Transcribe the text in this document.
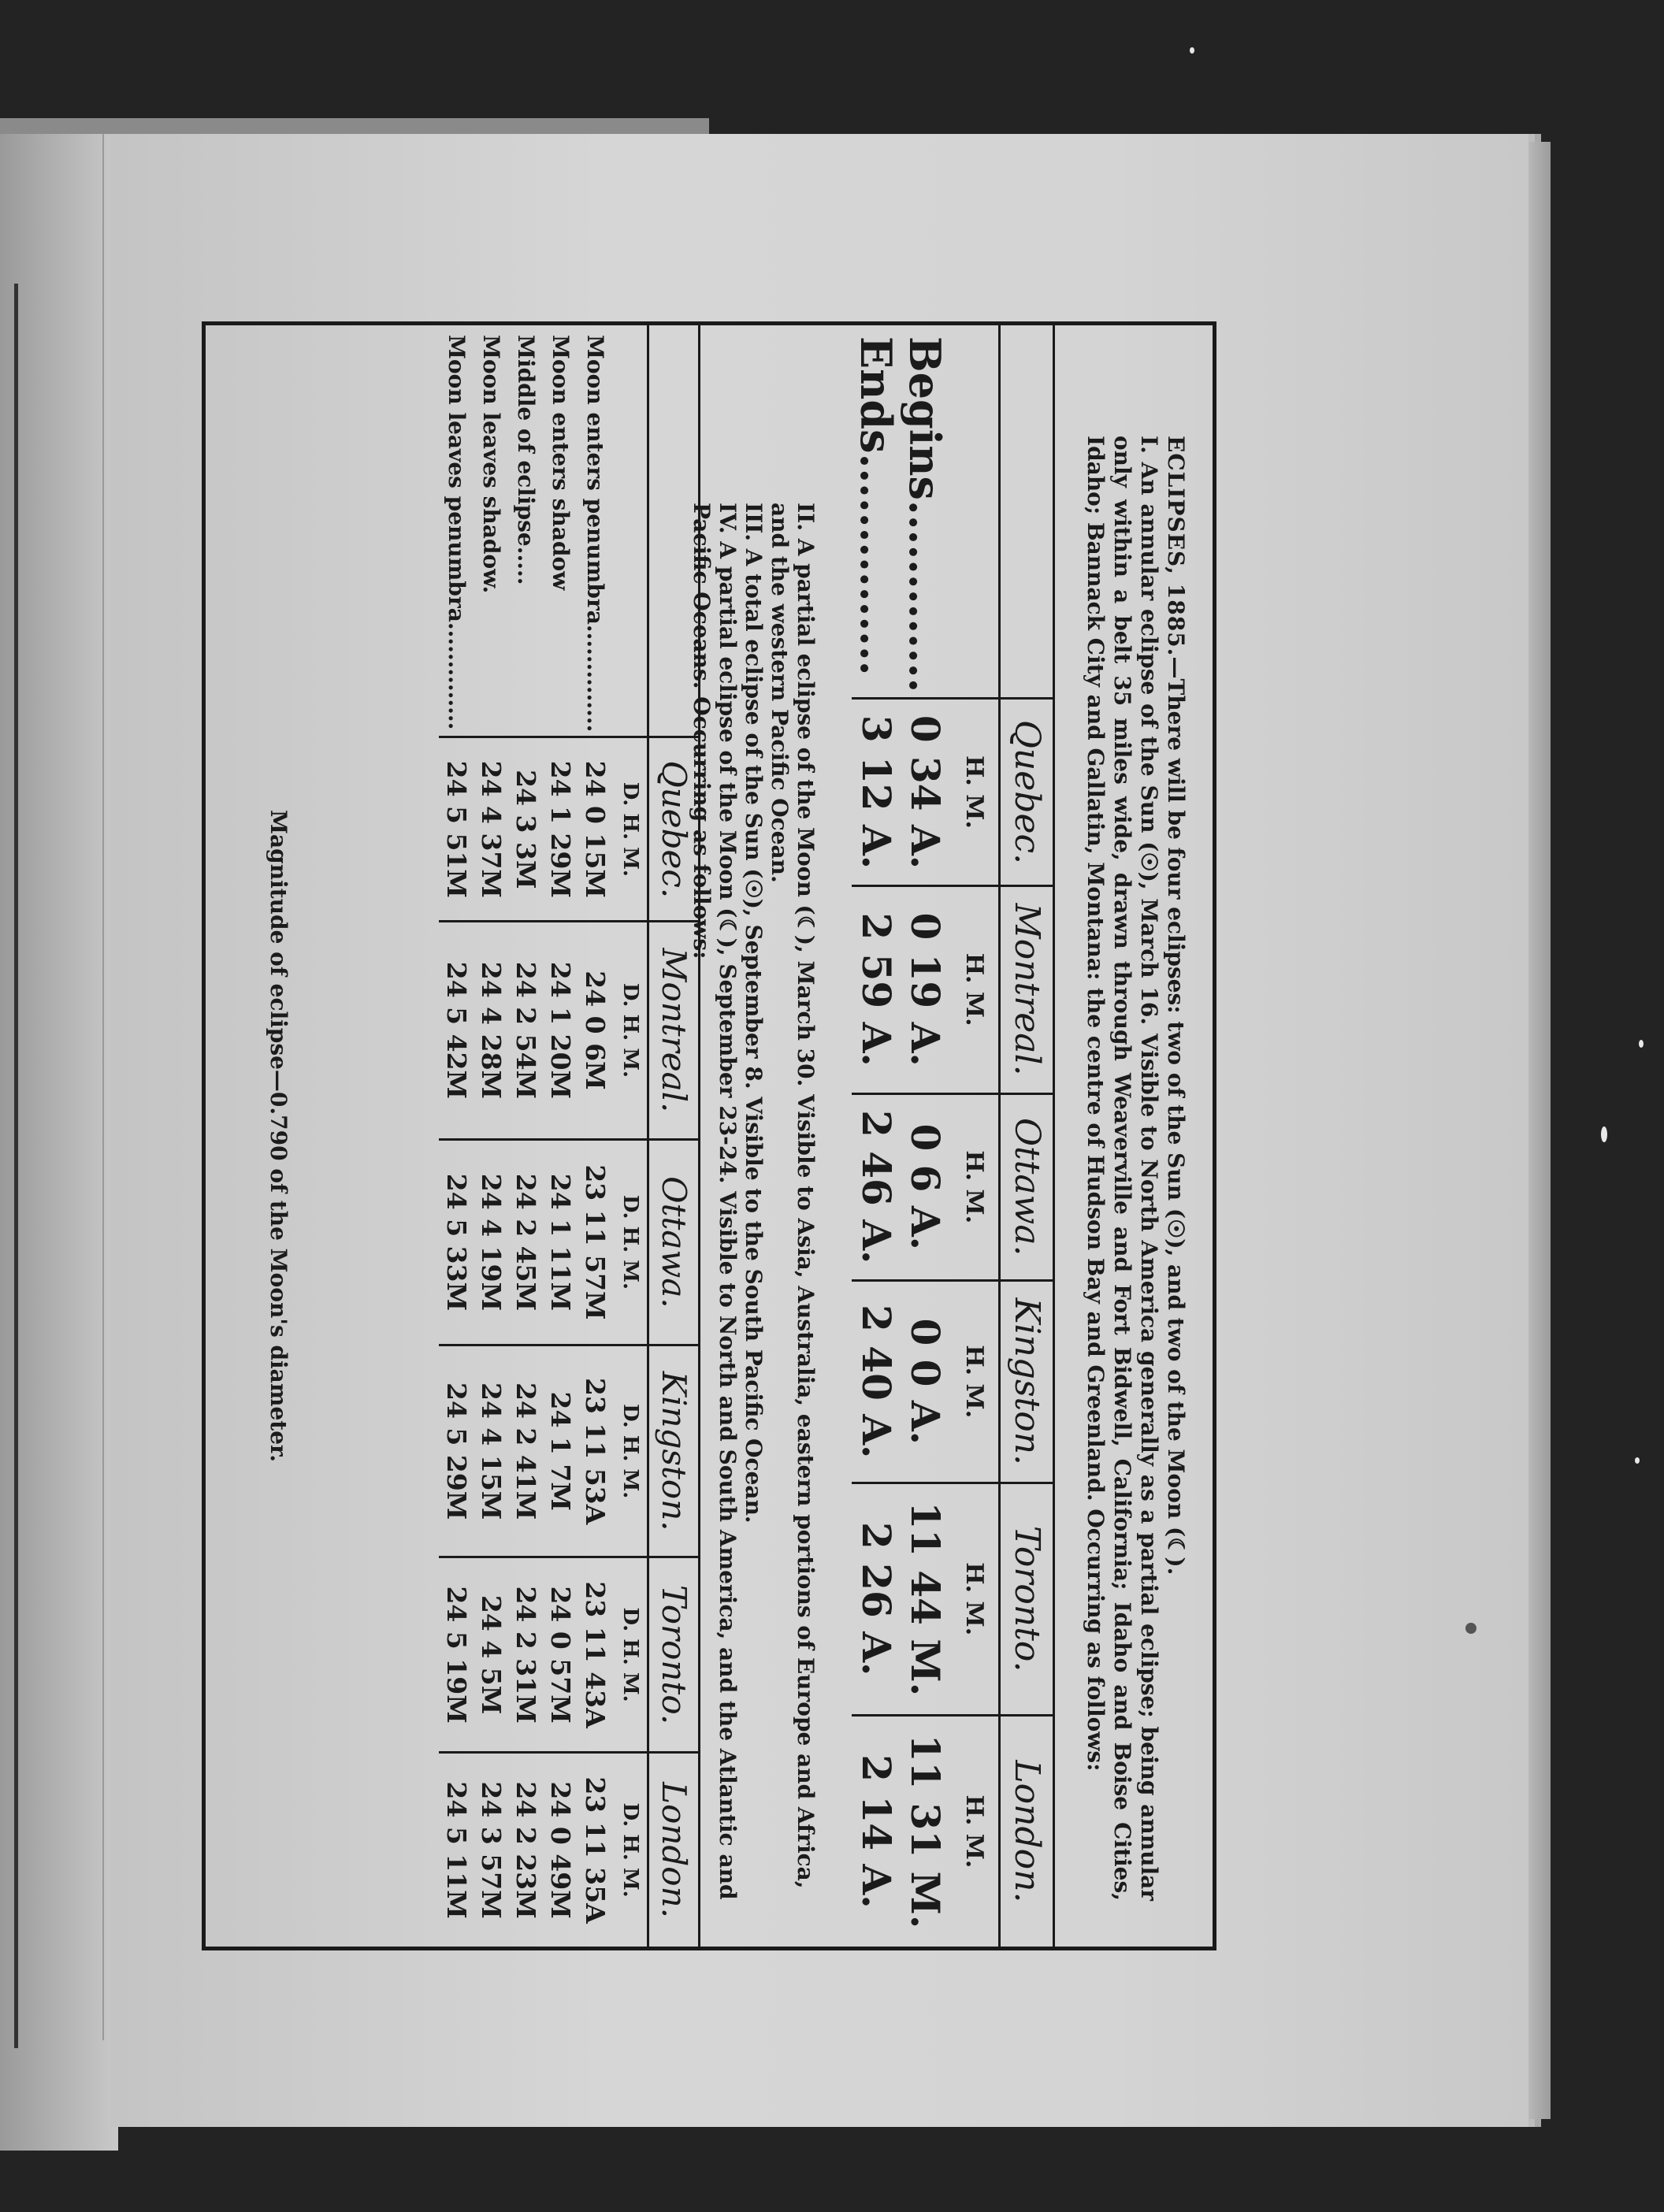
ECLIPSES, 1885.—There will be four eclipses: two of the Sun (☉), and two of the Moon (☾).

I. An annular eclipse of the Sun (☉), March 16. Visible to North America generally as a partial eclipse; being annular only within a belt 35 miles wide, drawn through Weaverville and Fort Bidwell, California; Idaho and Boise Cities, Idaho; Bannack City and Gallatin, Montana: the centre of Hudson Bay and Greenland. Occurring as follows:

	Quebec.	Montreal.	Ottawa.	Kingston.	Toronto.	London.
	H. M.	H. M.	H. M.	H. M.	H. M.	H. M.
Begins.............	0 34 A.	0 19 A.	0 6 A.	0 0 A.	11 44 M.	11 31 M.
Ends...............	3 12 A.	2 59 A.	2 46 A.	2 40 A.	2 26 A.	2 14 A.

II. A partial eclipse of the Moon (☾), March 30. Visible to Asia, Australia, eastern portions of Europe and Africa, and the western Pacific Ocean.

III. A total eclipse of the Sun (☉), September 8. Visible to the South Pacific Ocean.

IV. A partial eclipse of the Moon (☾), September 23-24. Visible to North and South America, and the Atlantic and Pacific Oceans. Occurring as follows:

	Quebec.	Montreal.	Ottawa.	Kingston.	Toronto.	London.
	D. H. M.	D. H. M.	D. H. M.	D. H. M.	D. H. M.	D. H. M.
Moon enters penumbra..............	24 0 15M	24 0 6M	23 11 57M	23 11 53A	23 11 43A	23 11 35A
Moon enters shadow	24 1 29M	24 1 20M	24 1 11M	24 1 7M	24 0 57M	24 0 49M
Middle of eclipse.....	24 3 3M	24 2 54M	24 2 45M	24 2 41M	24 2 31M	24 2 23M
Moon leaves shadow.	24 4 37M	24 4 28M	24 4 19M	24 4 15M	24 4 5M	24 3 57M
Moon leaves penumbra..............	24 5 51M	24 5 42M	24 5 33M	24 5 29M	24 5 19M	24 5 11M
Magnitude of eclipse—0.790 of the Moon's diameter.
